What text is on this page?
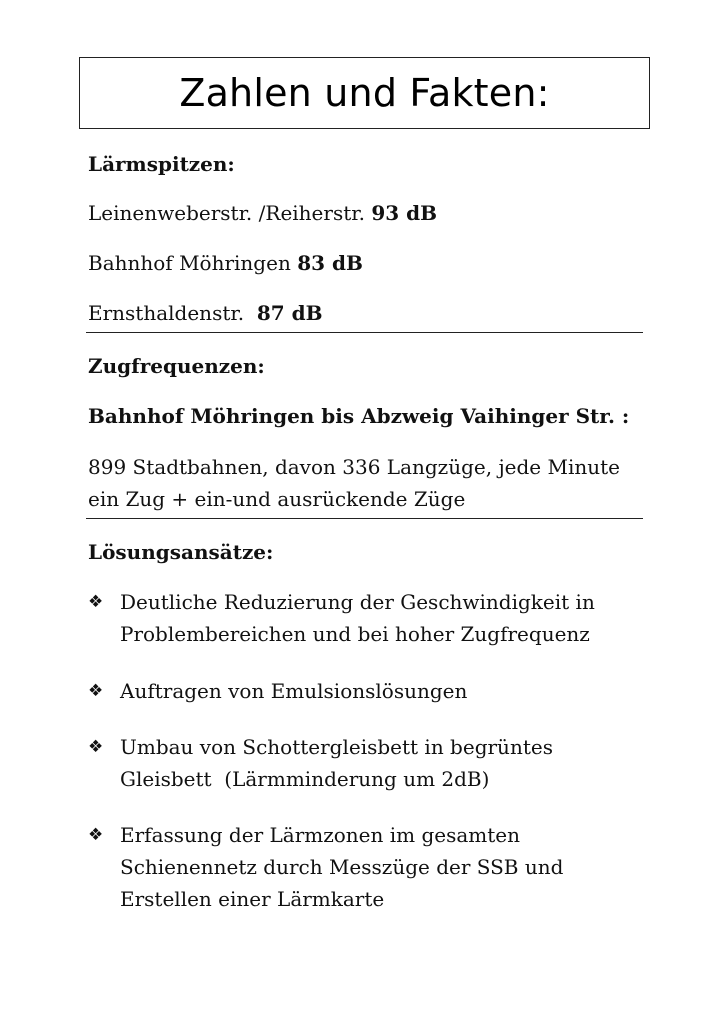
Zahlen und Fakten:
Lärmspitzen:
Leinenweberstr. /Reiherstr. 93 dB
Bahnhof Möhringen 83 dB
Ernsthaldenstr.  87 dB
Zugfrequenzen:
Bahnhof Möhringen bis Abzweig Vaihinger Str. :
899 Stadtbahnen, davon 336 Langzüge, jede Minute
ein Zug + ein-und ausrückende Züge
Lösungsansätze:
❖ Deutliche Reduzierung der Geschwindigkeit in
Problembereichen und bei hoher Zugfrequenz
❖ Auftragen von Emulsionslösungen
❖ Umbau von Schottergleisbett in begrüntes
Gleisbett  (Lärmminderung um 2dB)
❖ Erfassung der Lärmzonen im gesamten
Schienennetz durch Messzüge der SSB und
Erstellen einer Lärmkarte
